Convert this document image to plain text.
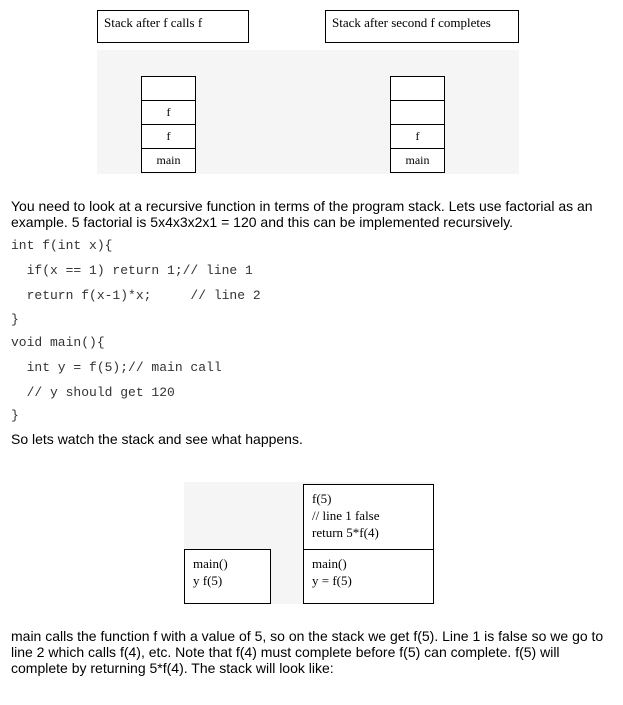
Stack after f calls f	Stack after second f completes
f
f
main
f
main
You need to look at a recursive function in terms of the program stack. Lets use factorial as an example. 5 factorial is 5x4x3x2x1 = 120 and this can be implemented recursively.
int f(int x){
if(x == 1) return 1;// line 1
return f(x-1)*x;     // line 2
}
void main(){
int y = f(5);// main call
// y should get 120
}
So lets watch the stack and see what happens.
main()
y f(5)
f(5)
// line 1 false
return 5*f(4)
main()
y = f(5)
main calls the function f with a value of 5, so on the stack we get f(5). Line 1 is false so we go to line 2 which calls f(4), etc. Note that f(4) must complete before f(5) can complete. f(5) will complete by returning 5*f(4). The stack will look like:
